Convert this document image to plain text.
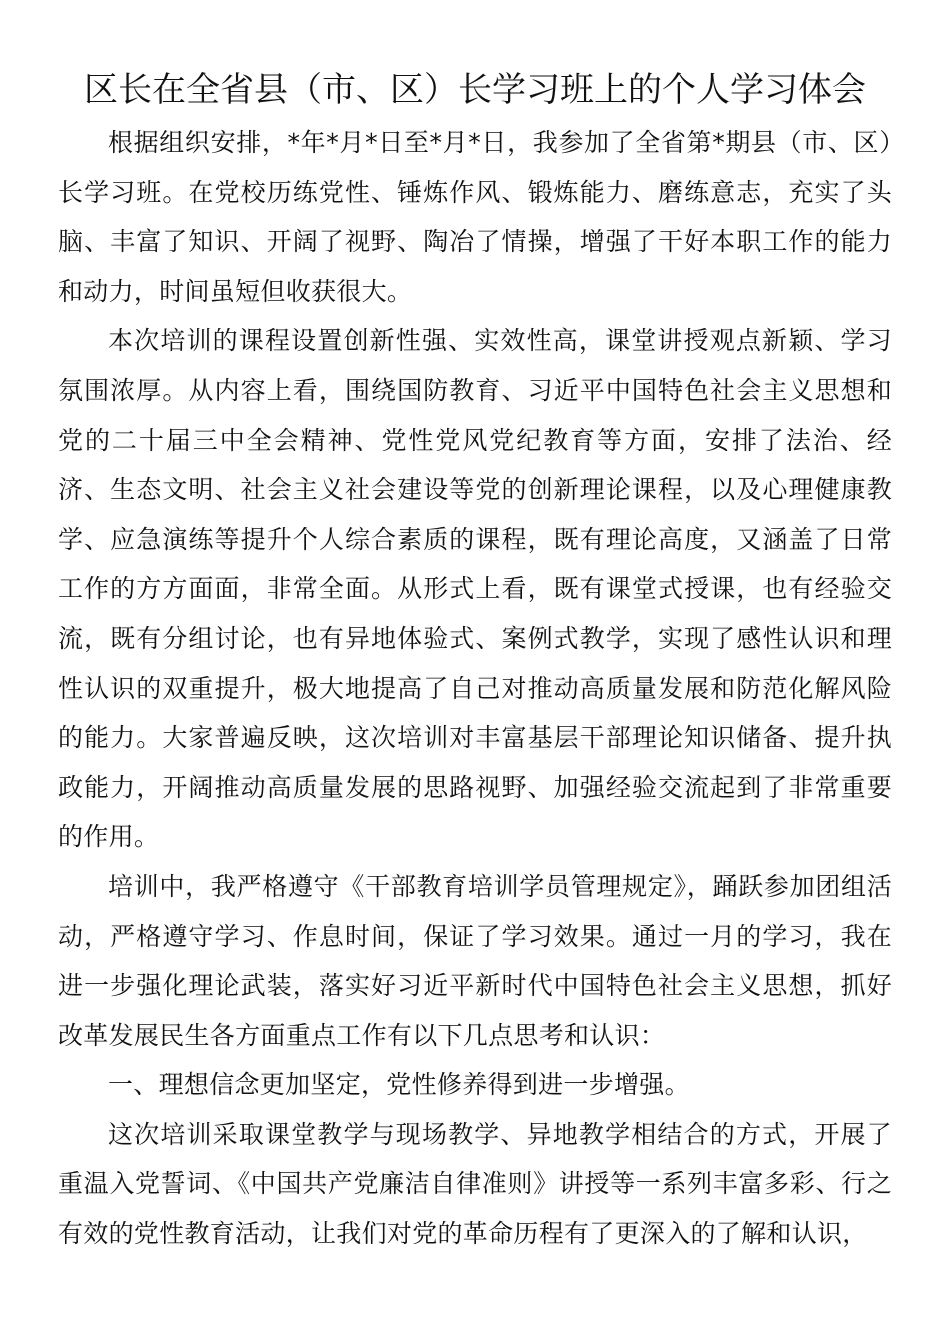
区长在全省县（市、区）长学习班上的个人学习体会

根据组织安排，*年*月*日至*月*日，我参加了全省第*期县（市、区）长学习班。在党校历练党性、锤炼作风、锻炼能力、磨练意志，充实了头脑、丰富了知识、开阔了视野、陶冶了情操，增强了干好本职工作的能力和动力，时间虽短但收获很大。

本次培训的课程设置创新性强、实效性高，课堂讲授观点新颖、学习氛围浓厚。从内容上看，围绕国防教育、习近平中国特色社会主义思想和党的二十届三中全会精神、党性党风党纪教育等方面，安排了法治、经济、生态文明、社会主义社会建设等党的创新理论课程，以及心理健康教学、应急演练等提升个人综合素质的课程，既有理论高度，又涵盖了日常工作的方方面面，非常全面。从形式上看，既有课堂式授课，也有经验交流，既有分组讨论，也有异地体验式、案例式教学，实现了感性认识和理性认识的双重提升，极大地提高了自己对推动高质量发展和防范化解风险的能力。大家普遍反映，这次培训对丰富基层干部理论知识储备、提升执政能力，开阔推动高质量发展的思路视野、加强经验交流起到了非常重要的作用。

培训中，我严格遵守《干部教育培训学员管理规定》，踊跃参加团组活动，严格遵守学习、作息时间，保证了学习效果。通过一月的学习，我在进一步强化理论武装，落实好习近平新时代中国特色社会主义思想，抓好改革发展民生各方面重点工作有以下几点思考和认识：

一、理想信念更加坚定，党性修养得到进一步增强。

这次培训采取课堂教学与现场教学、异地教学相结合的方式，开展了重温入党誓词、《中国共产党廉洁自律准则》讲授等一系列丰富多彩、行之有效的党性教育活动，让我们对党的革命历程有了更深入的了解和认识，
